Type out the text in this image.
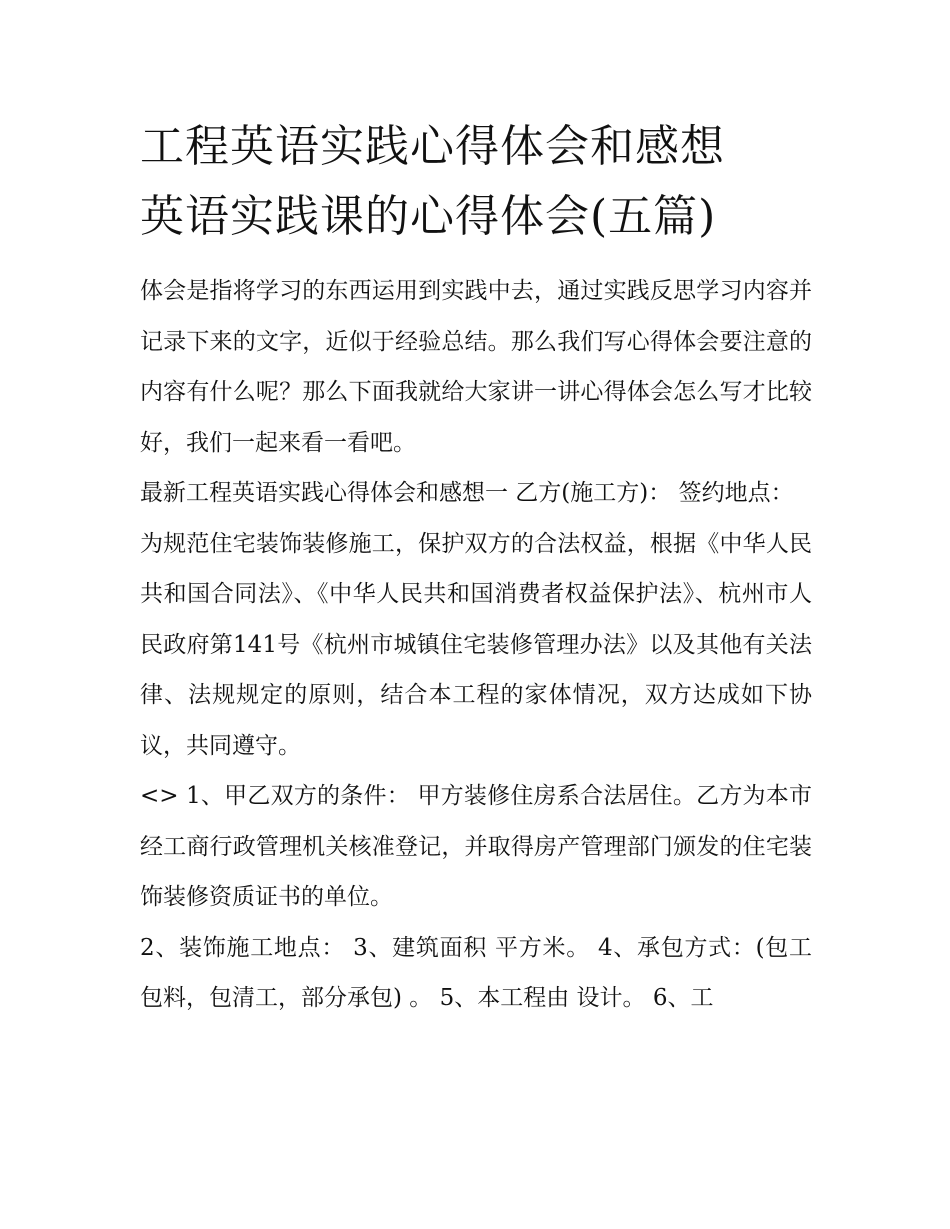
工程英语实践心得体会和感想
英语实践课的心得体会(五篇)

体会是指将学习的东西运用到实践中去，通过实践反思学习内容并记录下来的文字，近似于经验总结。那么我们写心得体会要注意的内容有什么呢？那么下面我就给大家讲一讲心得体会怎么写才比较好，我们一起来看一看吧。

最新工程英语实践心得体会和感想一 乙方(施工方)： 签约地点：

为规范住宅装饰装修施工，保护双方的合法权益，根据《中华人民共和国合同法》、《中华人民共和国消费者权益保护法》、杭州市人民政府第141号《杭州市城镇住宅装修管理办法》以及其他有关法律、法规规定的原则，结合本工程的家体情况，双方达成如下协议，共同遵守。

<> 1、甲乙双方的条件： 甲方装修住房系合法居住。乙方为本市经工商行政管理机关核准登记，并取得房产管理部门颁发的住宅装饰装修资质证书的单位。

2、装饰施工地点： 3、建筑面积 平方米。 4、承包方式：(包工包料，包清工，部分承包) 。 5、本工程由 设计。 6、工
